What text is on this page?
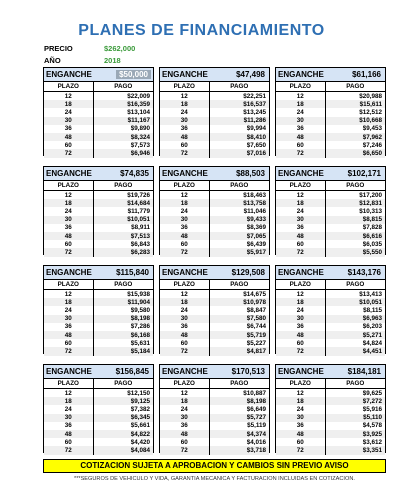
PLANES DE FINANCIAMIENTO
PRECIO	$262,000
AÑO	2018
ENGANCHE	$50,000
PLAZO	PAGO
12	$22,009
18	$16,359
24	$13,104
30	$11,167
36	$9,890
48	$8,324
60	$7,573
72	$6,946
ENGANCHE	$47,498
PLAZO	PAGO
12	$22,251
18	$16,537
24	$13,245
30	$11,286
36	$9,994
48	$8,410
60	$7,650
72	$7,016
ENGANCHE	$61,166
PLAZO	PAGO
12	$20,988
18	$15,611
24	$12,512
30	$10,668
36	$9,453
48	$7,962
60	$7,246
72	$6,650
ENGANCHE	$74,835
PLAZO	PAGO
12	$19,726
18	$14,684
24	$11,779
30	$10,051
36	$8,911
48	$7,513
60	$6,843
72	$6,283
ENGANCHE	$88,503
PLAZO	PAGO
12	$18,463
18	$13,758
24	$11,046
30	$9,433
36	$8,369
48	$7,065
60	$6,439
72	$5,917
ENGANCHE	$102,171
PLAZO	PAGO
12	$17,200
18	$12,831
24	$10,313
30	$8,815
36	$7,828
48	$6,616
60	$6,035
72	$5,550
ENGANCHE	$115,840
PLAZO	PAGO
12	$15,938
18	$11,904
24	$9,580
30	$8,198
36	$7,286
48	$6,168
60	$5,631
72	$5,184
ENGANCHE	$129,508
PLAZO	PAGO
12	$14,675
18	$10,978
24	$8,847
30	$7,580
36	$6,744
48	$5,719
60	$5,227
72	$4,817
ENGANCHE	$143,176
PLAZO	PAGO
12	$13,413
18	$10,051
24	$8,115
30	$6,963
36	$6,203
48	$5,271
60	$4,824
72	$4,451
ENGANCHE	$156,845
PLAZO	PAGO
12	$12,150
18	$9,125
24	$7,382
30	$6,345
36	$5,661
48	$4,822
60	$4,420
72	$4,084
ENGANCHE	$170,513
PLAZO	PAGO
12	$10,887
18	$8,198
24	$6,649
30	$5,727
36	$5,119
48	$4,374
60	$4,016
72	$3,718
ENGANCHE	$184,181
PLAZO	PAGO
12	$9,625
18	$7,272
24	$5,916
30	$5,110
36	$4,578
48	$3,925
60	$3,612
72	$3,351
COTIZACION SUJETA A APROBACION Y CAMBIOS SIN PREVIO AVISO
***SEGUROS DE VEHICULO Y VIDA, GARANTIA MECANICA Y FACTURACION INCLUIDAS EN COTIZACION.
